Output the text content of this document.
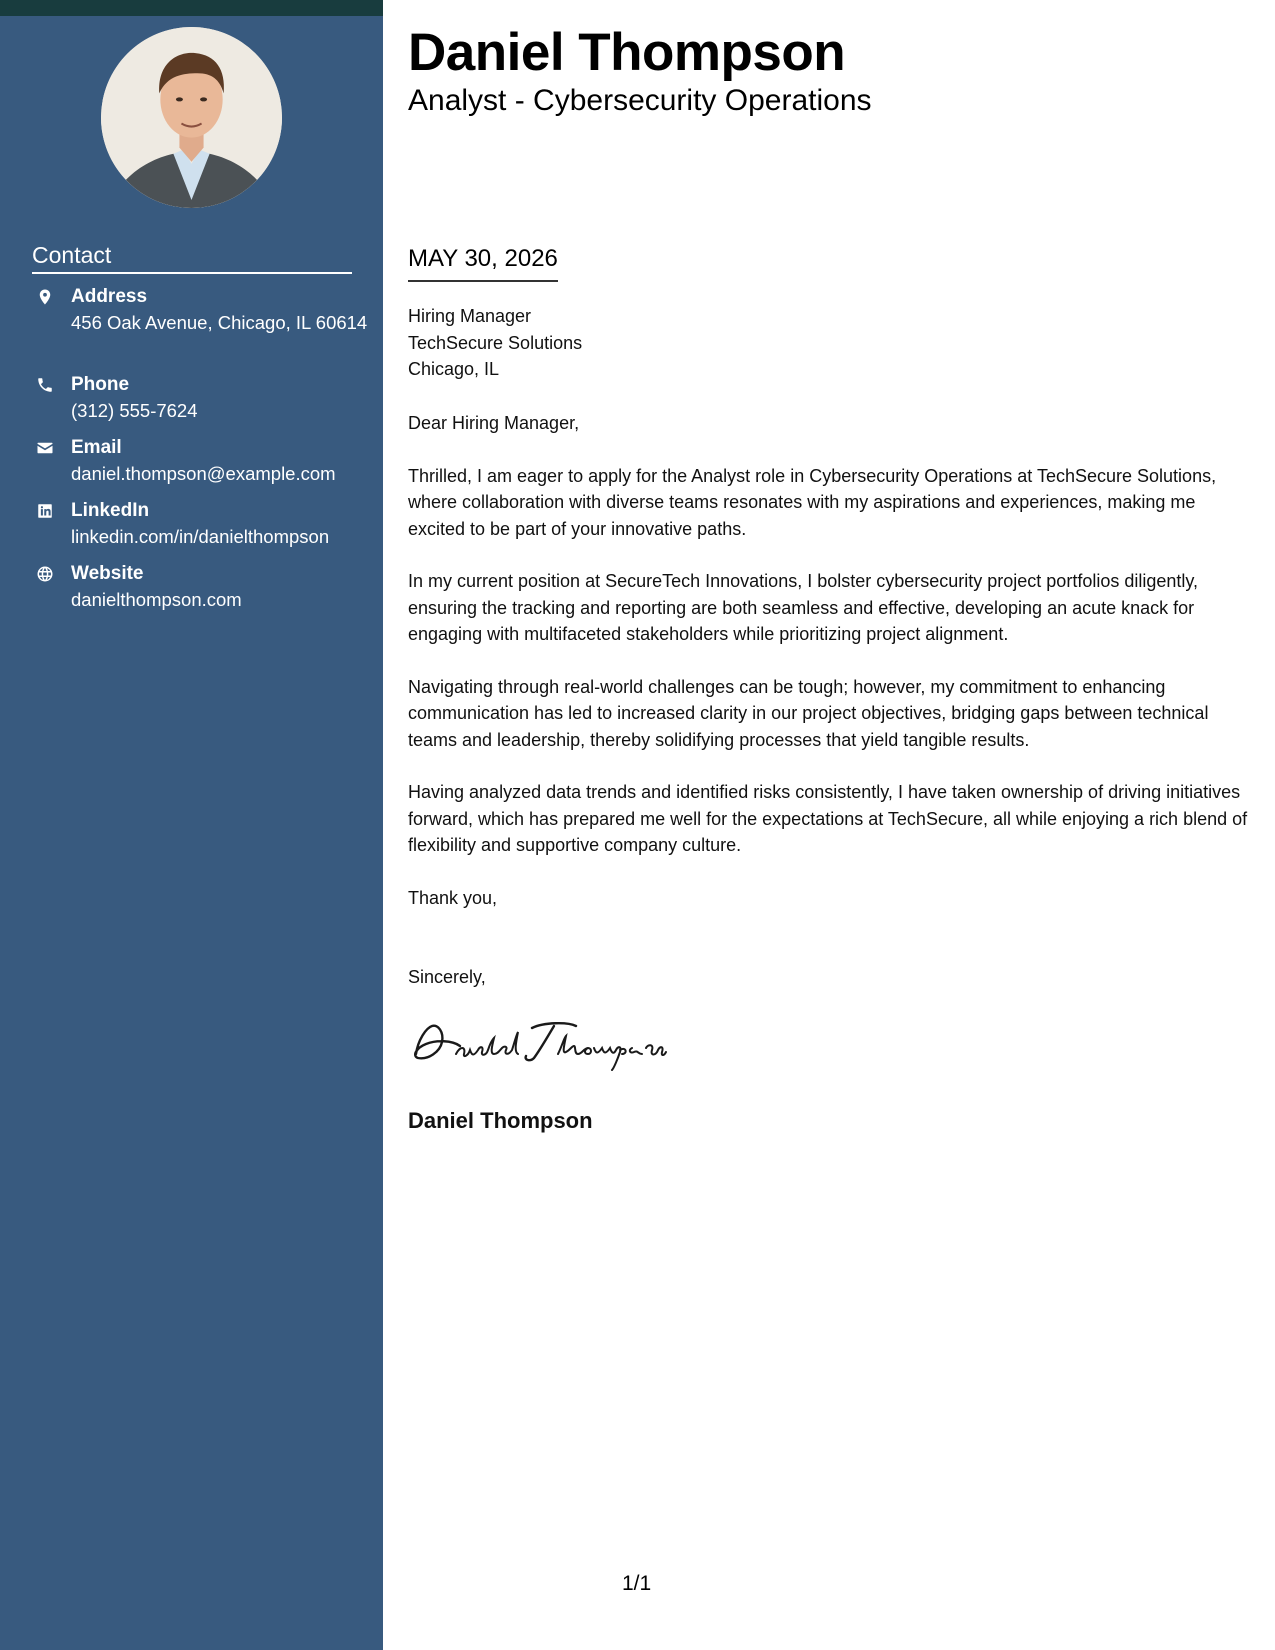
Contact
Address
456 Oak Avenue, Chicago, IL 60614
Phone
(312) 555-7624
Email
daniel.thompson@example.com
LinkedIn
linkedin.com/in/danielthompson
Website
danielthompson.com
Daniel Thompson
Analyst - Cybersecurity Operations
MAY 30, 2026
Hiring Manager
TechSecure Solutions
Chicago, IL

Dear Hiring Manager,

Thrilled, I am eager to apply for the Analyst role in Cybersecurity Operations at TechSecure Solutions, where collaboration with diverse teams resonates with my aspirations and experiences, making me excited to be part of your innovative paths.

In my current position at SecureTech Innovations, I bolster cybersecurity project portfolios diligently, ensuring the tracking and reporting are both seamless and effective, developing an acute knack for engaging with multifaceted stakeholders while prioritizing project alignment.

Navigating through real-world challenges can be tough; however, my commitment to enhancing communication has led to increased clarity in our project objectives, bridging gaps between technical teams and leadership, thereby solidifying processes that yield tangible results.

Having analyzed data trends and identified risks consistently, I have taken ownership of driving initiatives forward, which has prepared me well for the expectations at TechSecure, all while enjoying a rich blend of flexibility and supportive company culture.

Thank you,

Sincerely,
Daniel Thompson
1/1
